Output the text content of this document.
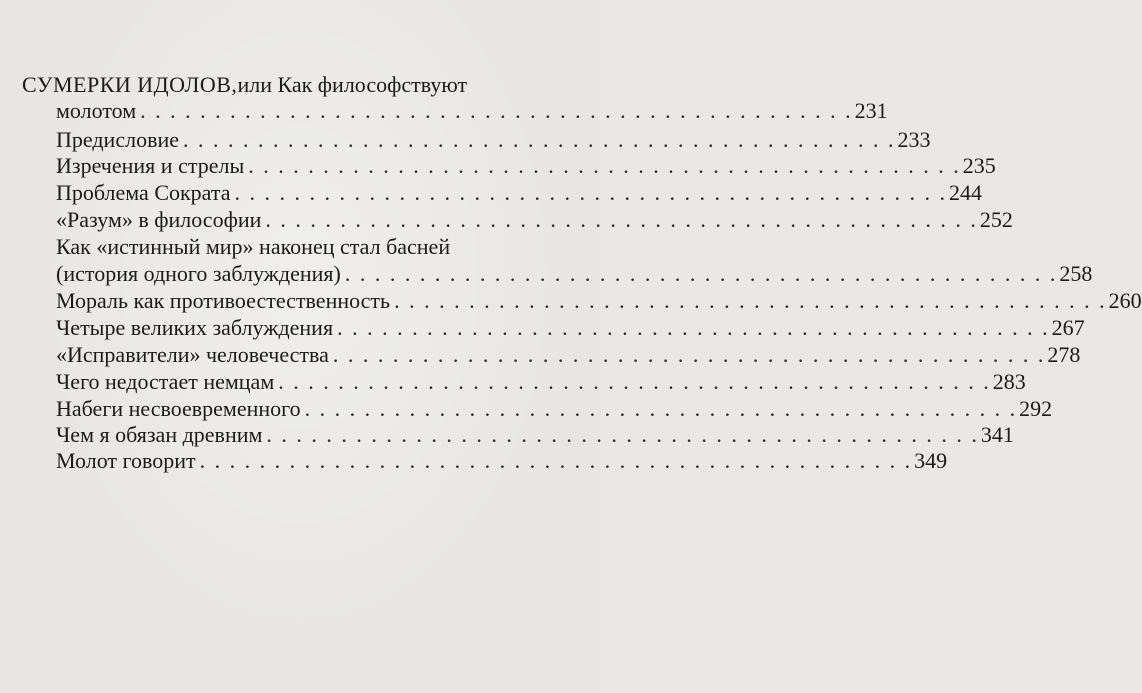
СУМЕРКИ ИДОЛОВ, или Как философствуют
молотом . . . . . . . . . . . . . . . . . . . . . . . . . . . . . . . . . . . . . . . . . . . . . . . . 231
Предисловие . . . . . . . . . . . . . . . . . . . . . . . . . . . . . . . . . . . . . . . . . . . . . . . . 233
Изречения и стрелы . . . . . . . . . . . . . . . . . . . . . . . . . . . . . . . . . . . . . . . . . . . . . . . . 235
Проблема Сократа . . . . . . . . . . . . . . . . . . . . . . . . . . . . . . . . . . . . . . . . . . . . . . . . 244
«Разум» в философии . . . . . . . . . . . . . . . . . . . . . . . . . . . . . . . . . . . . . . . . . . . . . . . . 252
Как «истинный мир» наконец стал басней
(история одного заблуждения) . . . . . . . . . . . . . . . . . . . . . . . . . . . . . . . . . . . . . . . . . . . . . . . . 258
Мораль как противоестественность . . . . . . . . . . . . . . . . . . . . . . . . . . . . . . . . . . . . . . . . . . . . . . . . 260
Четыре великих заблуждения . . . . . . . . . . . . . . . . . . . . . . . . . . . . . . . . . . . . . . . . . . . . . . . . 267
«Исправители» человечества . . . . . . . . . . . . . . . . . . . . . . . . . . . . . . . . . . . . . . . . . . . . . . . . 278
Чего недостает немцам . . . . . . . . . . . . . . . . . . . . . . . . . . . . . . . . . . . . . . . . . . . . . . . . 283
Набеги несвоевременного . . . . . . . . . . . . . . . . . . . . . . . . . . . . . . . . . . . . . . . . . . . . . . . . 292
Чем я обязан древним . . . . . . . . . . . . . . . . . . . . . . . . . . . . . . . . . . . . . . . . . . . . . . . . 341
Молот говорит . . . . . . . . . . . . . . . . . . . . . . . . . . . . . . . . . . . . . . . . . . . . . . . . 349
